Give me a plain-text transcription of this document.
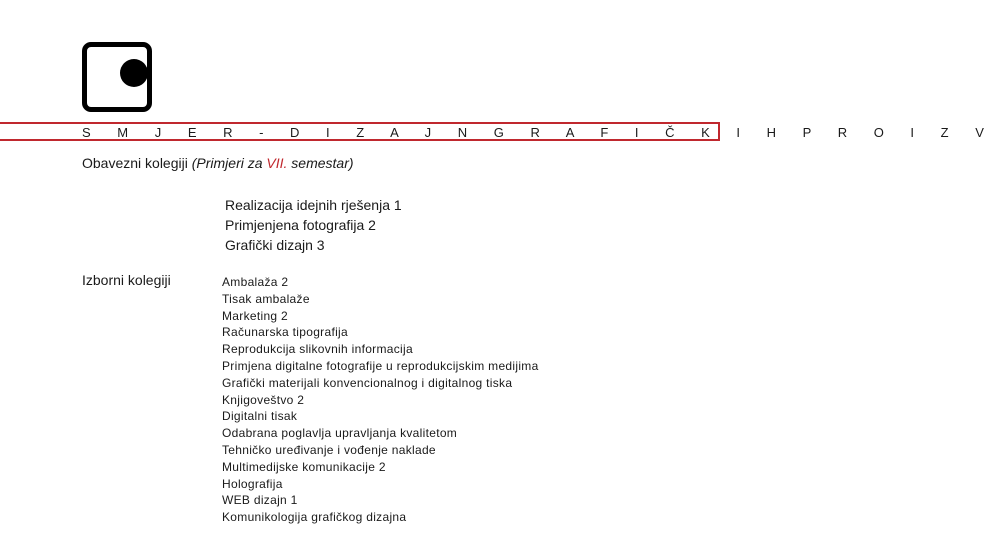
S M J E R - D I Z A J N G R A F I Č K I H P R O I Z V
Obavezni kolegiji (Primjeri za VII. semestar)
Realizacija idejnih rješenja 1
Primjenjena fotografija 2
Grafički dizajn 3
Izborni kolegiji	Ambalaža 2
Tisak ambalaže
Marketing 2
Računarska tipografija
Reprodukcija slikovnih informacija
Primjena digitalne fotografije u reprodukcijskim medijima
Grafički materijali konvencionalnog i digitalnog tiska
Knjigoveštvo 2
Digitalni tisak
Odabrana poglavlja upravljanja kvalitetom
Tehničko uređivanje i vođenje naklade
Multimedijske komunikacije 2
Holografija
WEB dizajn 1
Komunikologija grafičkog dizajna
